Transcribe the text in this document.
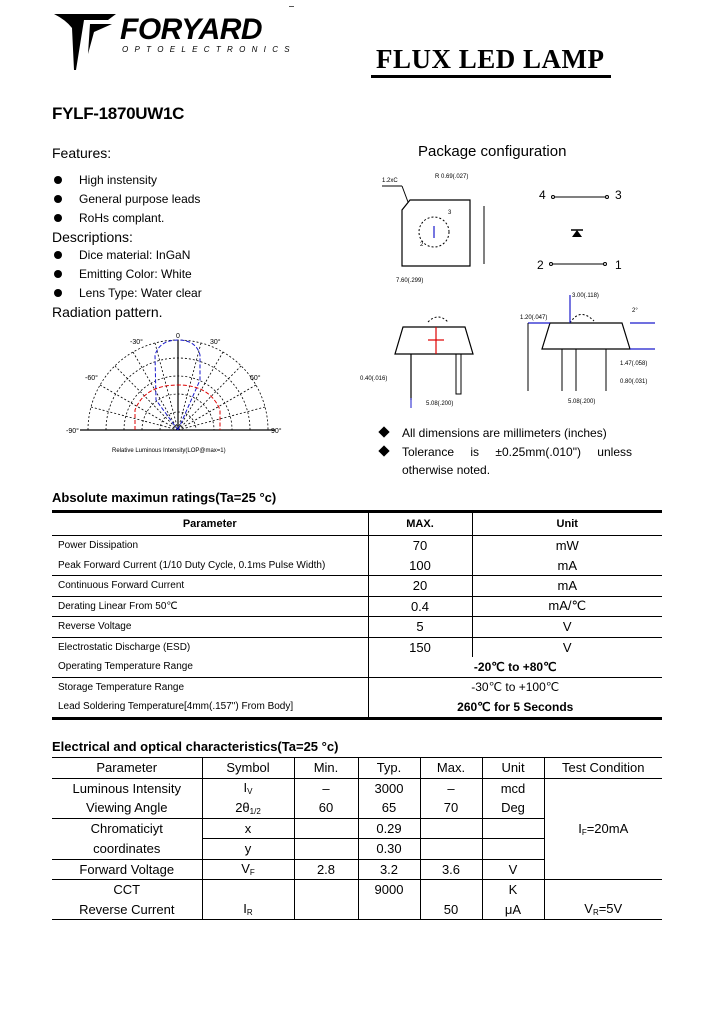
FORYARD
OPTOELECTRONICS	FLUX LED LAMP
FYLF-1870UW1C
Features:
High instensity
General purpose leads
RoHs complant.
Descriptions:
Dice material: InGaN
Emitting Color: White
Lens Type: Water clear
Radiation pattern.
0
30°
-30°
60°
-60°
90°
-90°
Relative Luminous Intensity(LOP@max=1)
Package configuration
1.2xC
R 0.69(.027)
7.60(.299)
2
3
4	3
2	1
0.40(.016)
5.08(.200)
3.00(.118)
1.20(.047)
2°
1.47(.058)
0.80(.031)
5.08(.200)
All dimensions are millimeters (inches)
Tolerance   is   ±0.25mm(.010")   unless otherwise noted.
Absolute maximun ratings(Ta=25 °c)
Parameter	MAX.	Unit
Power Dissipation	70	mW
Peak Forward Current (1/10 Duty Cycle, 0.1ms Pulse Width)	100	mA
Continuous Forward Current	20	mA
Derating Linear From 50℃	0.4	mA/℃
Reverse Voltage	5	V
Electrostatic Discharge (ESD)	150	V
Operating Temperature Range	-20℃ to +80℃	
Storage Temperature Range	-30℃ to +100℃	
Lead Soldering Temperature[4mm(.157") From Body]	260℃ for 5 Seconds	
Electrical and optical characteristics(Ta=25 °c)
Parameter	Symbol	Min.	Typ.	Max.	Unit	Test Condition
Luminous Intensity	$I_V$	–	3000	–	mcd	$I_F=20mA$
Viewing Angle	$2\theta_{1/2}$	60	65	70	Deg	
Chromaticiyt	x		0.29			
coordinates	y		0.30			
Forward Voltage	$V_F$	2.8	3.2	3.6	V	
CCT			9000		K	
Reverse Current	$I_R$			50	μA	$V_R=5V$
